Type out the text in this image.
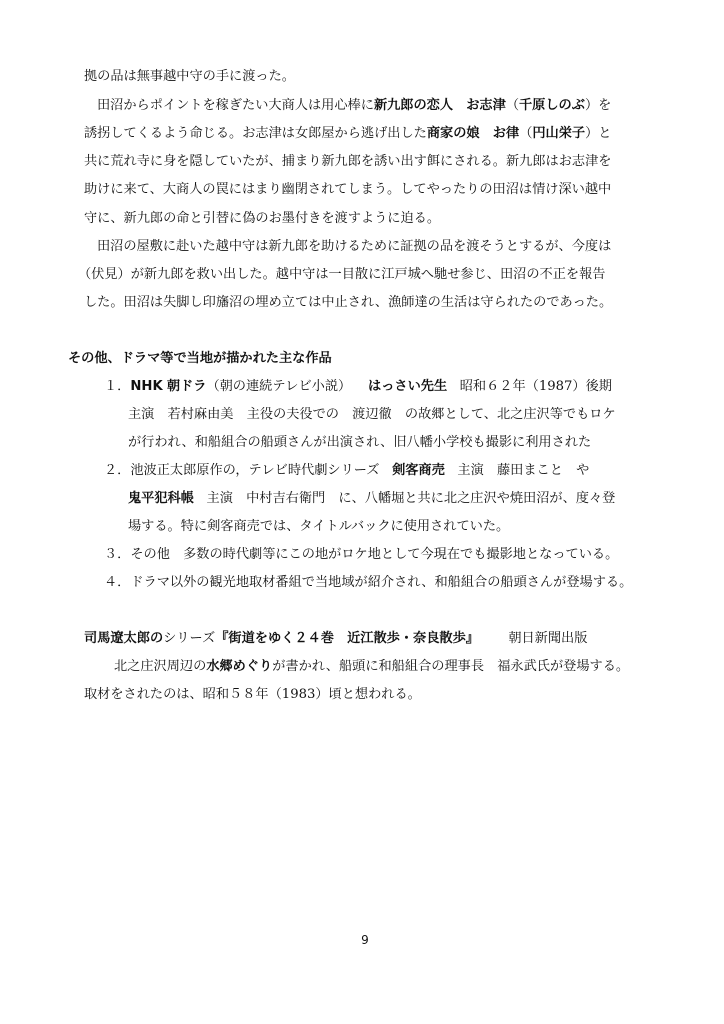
拠の品は無事越中守の手に渡った。
田沼からポイントを稼ぎたい大商人は用心棒に新九郎の恋人　お志津（千原しのぶ）を
誘拐してくるよう命じる。お志津は女郎屋から逃げ出した商家の娘　お律（円山栄子）と
共に荒れ寺に身を隠していたが、捕まり新九郎を誘い出す餌にされる。新九郎はお志津を
助けに来て、大商人の罠にはまり幽閉されてしまう。してやったりの田沼は情け深い越中
守に、新九郎の命と引替に偽のお墨付きを渡すように迫る。
田沼の屋敷に赴いた越中守は新九郎を助けるために証拠の品を渡そうとするが、今度は
（伏見）が新九郎を救い出した。越中守は一目散に江戸城へ馳せ参じ、田沼の不正を報告
した。田沼は失脚し印旛沼の埋め立ては中止され、漁師達の生活は守られたのであった。
その他、ドラマ等で当地が描かれた主な作品
１．NHK 朝ドラ（朝の連続テレビ小説） はっさい先生 昭和６２年（1987）後期
主演　若村麻由美　主役の夫役での　渡辺徹　の故郷として、北之庄沢等でもロケ
が行われ、和船組合の船頭さんが出演され、旧八幡小学校も撮影に利用された
２．池波正太郎原作の，テレビ時代劇シリーズ 剣客商売 主演　藤田まこと　や
鬼平犯科帳 主演　中村吉右衛門　に、八幡堀と共に北之庄沢や焼田沼が、度々登
場する。特に剣客商売では、タイトルバックに使用されていた。
３．その他　多数の時代劇等にこの地がロケ地として今現在でも撮影地となっている。
４．ドラマ以外の観光地取材番組で当地域が紹介され、和船組合の船頭さんが登場する。
司馬遼太郎のシリーズ『街道をゆく２４巻　近江散歩・奈良散歩』 朝日新聞出版
北之庄沢周辺の水郷めぐりが書かれ、船頭に和船組合の理事長　福永武氏が登場する。
取材をされたのは、昭和５８年（1983）頃と想われる。
9
